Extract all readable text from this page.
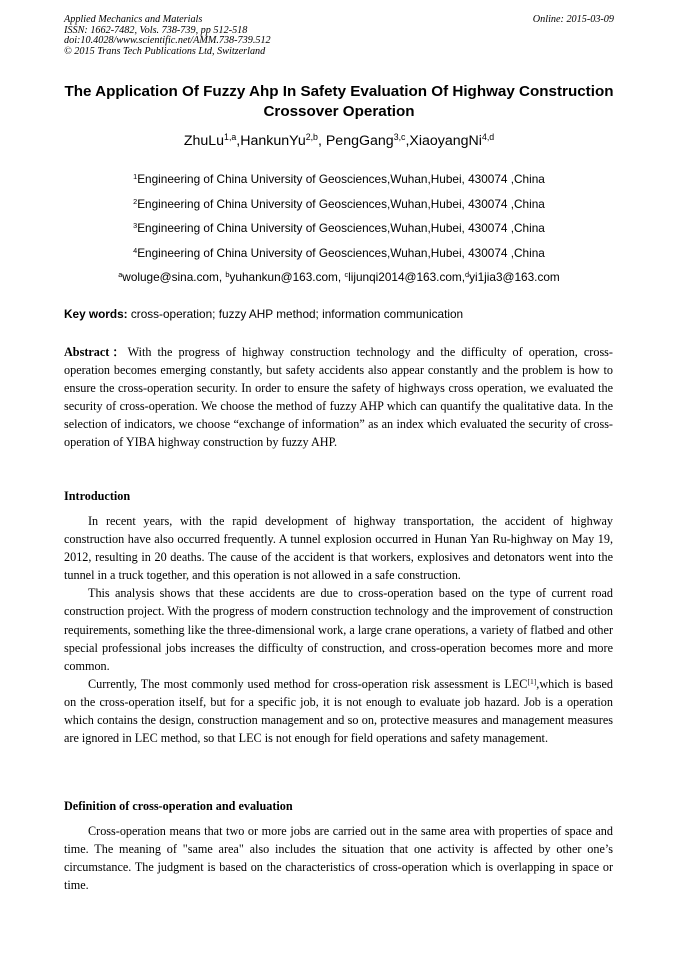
Applied Mechanics and Materials
ISSN: 1662-7482, Vols. 738-739, pp 512-518
doi:10.4028/www.scientific.net/AMM.738-739.512
© 2015 Trans Tech Publications Ltd, Switzerland
Online: 2015-03-09
The Application Of Fuzzy Ahp In Safety Evaluation Of Highway Construction Crossover Operation
ZhuLu$^{1,a}$,HankunYu$^{2,b}$, PengGang$^{3,c}$,XiaoyangNi$^{4,d}$
$^1$Engineering of China University of Geosciences,Wuhan,Hubei, 430074 ,China
$^2$Engineering of China University of Geosciences,Wuhan,Hubei, 430074 ,China
$^3$Engineering of China University of Geosciences,Wuhan,Hubei, 430074 ,China
$^4$Engineering of China University of Geosciences,Wuhan,Hubei, 430074 ,China
$^a$woluge@sina.com, $^b$yuhankun@163.com, $^c$lijunqi2014@163.com,$^d$yi1jia3@163.com
Key words: cross-operation; fuzzy AHP method; information communication

Abstract：With the progress of highway construction technology and the difficulty of operation, cross-operation becomes emerging constantly, but safety accidents also appear constantly and the problem is how to ensure the cross-operation security. In order to ensure the safety of highways cross operation, we evaluated the security of cross-operation. We choose the method of fuzzy AHP which can quantify the qualitative data. In the selection of indicators, we choose “exchange of information” as an index which evaluated the security of cross-operation of YIBA highway construction by fuzzy AHP.

Introduction

In recent years, with the rapid development of highway transportation, the accident of highway construction have also occurred frequently. A tunnel explosion occurred in Hunan Yan Ru-highway on May 19, 2012, resulting in 20 deaths. The cause of the accident is that workers, explosives and detonators went into the tunnel in a truck together, and this operation is not allowed in a safe construction.

This analysis shows that these accidents are due to cross-operation based on the type of current road construction project. With the progress of modern construction technology and the improvement of construction requirements, something like the three-dimensional work, a large crane operations, a variety of flatbed and other special professional jobs increases the difficulty of construction, and cross-operation becomes more and more common.

Currently, The most commonly used method for cross-operation risk assessment is LEC[1],which is based on the cross-operation itself, but for a specific job, it is not enough to evaluate job hazard. Job is a operation which contains the design, construction management and so on, protective measures and management measures are ignored in LEC method, so that LEC is not enough for field operations and safety management.

Definition of cross-operation and evaluation

Cross-operation means that two or more jobs are carried out in the same area with properties of space and time. The meaning of "same area" also includes the situation that one activity is affected by other one’s circumstance. The judgment is based on the characteristics of cross-operation which is overlapping in space or time.
